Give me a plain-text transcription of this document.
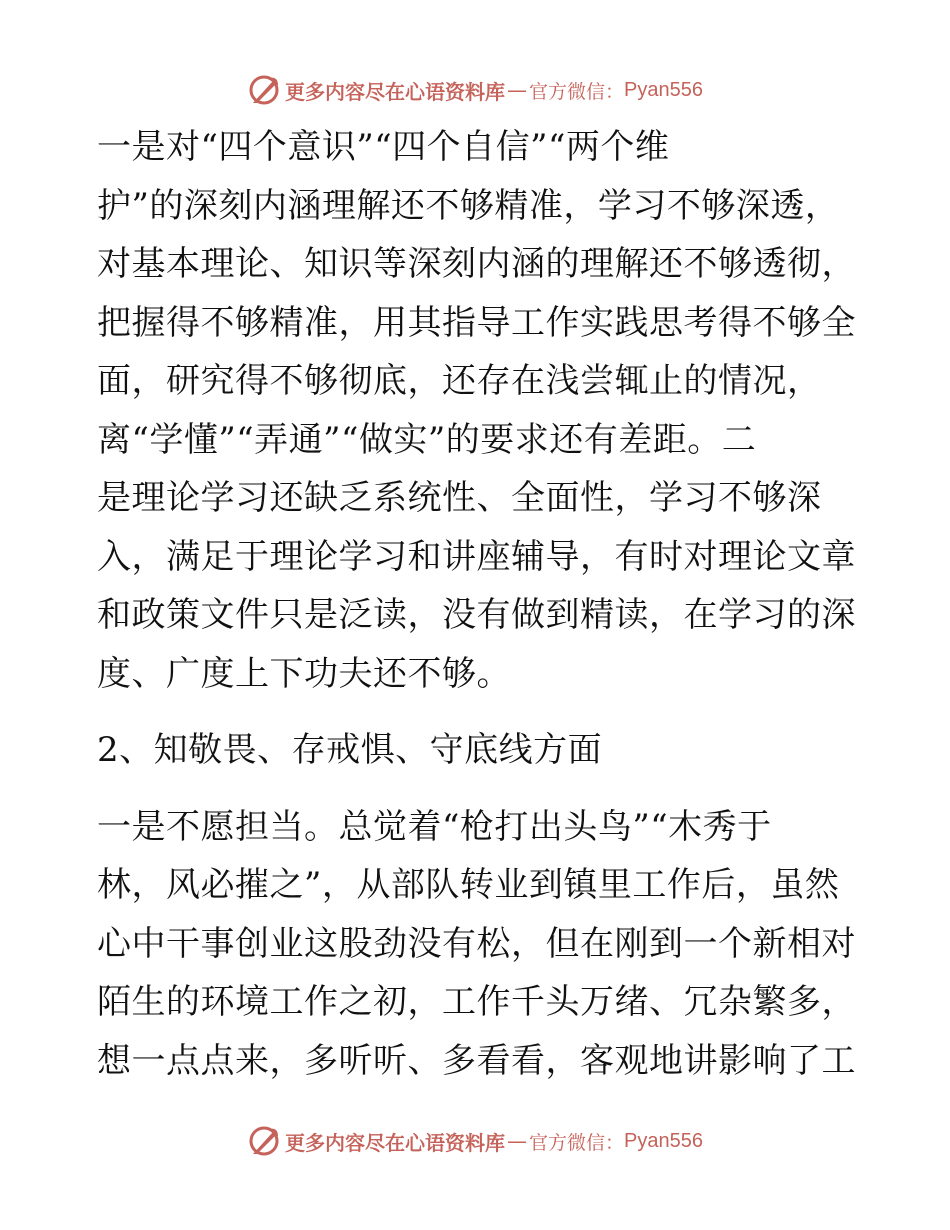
更多内容尽在心语资料库 — 官方微信： Pyan556

一是对“四个意识”“四个自信”“两个维
护”的深刻内涵理解还不够精准，学习不够深透，
对基本理论、知识等深刻内涵的理解还不够透彻，
把握得不够精准，用其指导工作实践思考得不够全
面，研究得不够彻底，还存在浅尝辄止的情况，
离“学懂”“弄通”“做实”的要求还有差距。二
是理论学习还缺乏系统性、全面性，学习不够深
入，满足于理论学习和讲座辅导，有时对理论文章
和政策文件只是泛读，没有做到精读，在学习的深
度、广度上下功夫还不够。

2、知敬畏、存戒惧、守底线方面

一是不愿担当。总觉着“枪打出头鸟”“木秀于
林，风必摧之”，从部队转业到镇里工作后，虽然
心中干事创业这股劲没有松，但在刚到一个新相对
陌生的环境工作之初，工作千头万绪、冗杂繁多，
想一点点来，多听听、多看看，客观地讲影响了工

更多内容尽在心语资料库 — 官方微信： Pyan556
